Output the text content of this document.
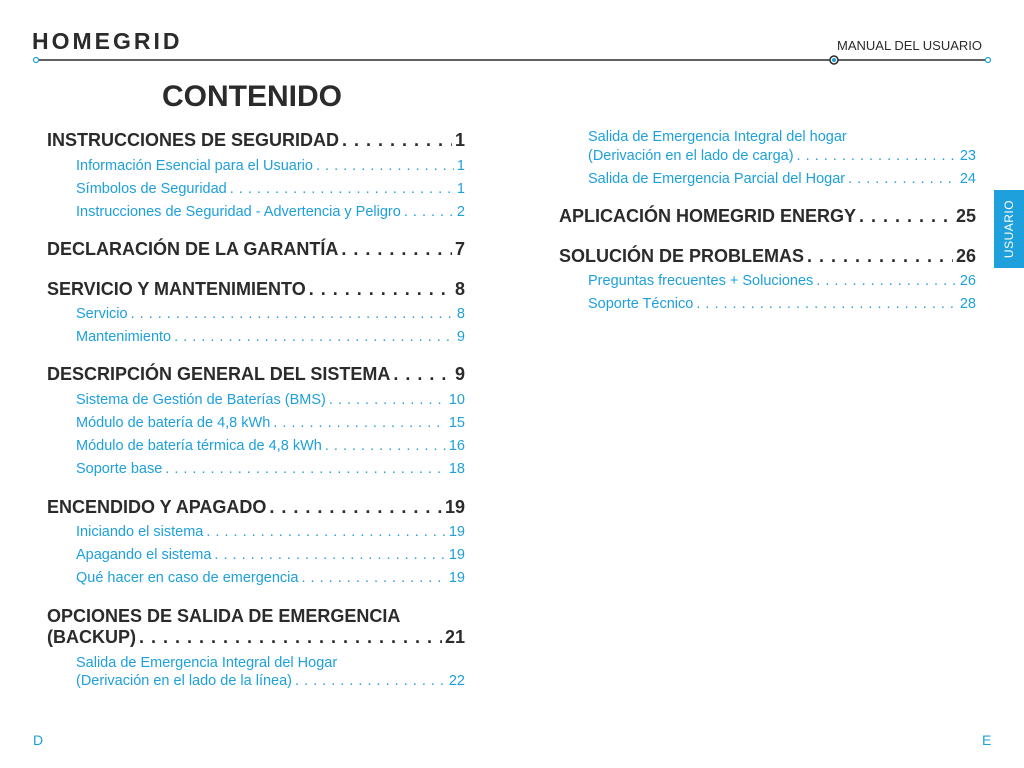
HOMEGRID	MANUAL DEL USUARIO
USUARIO
CONTENIDO
INSTRUCCIONES DE SEGURIDAD . . .	1
Información Esencial para el Usuario . . .	1
Símbolos de Seguridad . . .	1
Instrucciones de Seguridad - Advertencia y Peligro . . .	2
DECLARACIÓN DE LA GARANTÍA . . .	7
SERVICIO Y MANTENIMIENTO . . .	8
Servicio . . .	8
Mantenimiento . . .	9
DESCRIPCIÓN GENERAL DEL SISTEMA . . .	9
Sistema de Gestión de Baterías (BMS) . . .	10
Módulo de batería de 4,8 kWh . . .	15
Módulo de batería térmica de 4,8 kWh . . .	16
Soporte base . . .	18
ENCENDIDO Y APAGADO . . .	19
Iniciando el sistema . . .	19
Apagando el sistema . . .	19
Qué hacer en caso de emergencia . . .	19
OPCIONES DE SALIDA DE EMERGENCIA
(BACKUP) . . .	21
Salida de Emergencia Integral del Hogar
(Derivación en el lado de la línea) . . .	22
Salida de Emergencia Integral del hogar
(Derivación en el lado de carga) . . .	23
Salida de Emergencia Parcial del Hogar . . .	24
APLICACIÓN HOMEGRID ENERGY . . .	25
SOLUCIÓN DE PROBLEMAS . . .	26
Preguntas frecuentes + Soluciones . . .	26
Soporte Técnico . . .	28
D	E
